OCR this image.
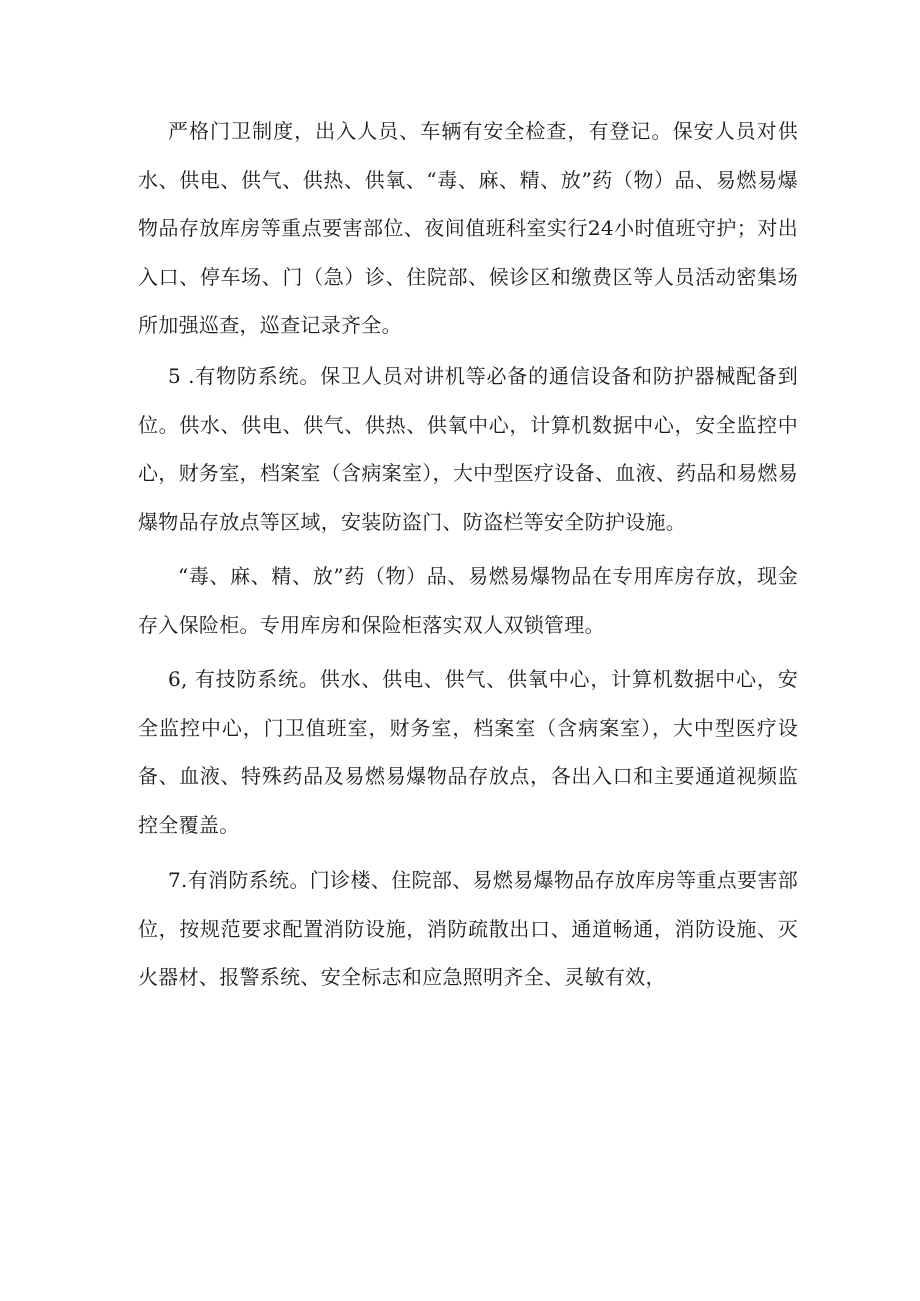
严格门卫制度，出入人员、车辆有安全检查，有登记。保安人员对供水、供电、供气、供热、供氧、“毒、麻、精、放”药（物）品、易燃易爆物品存放库房等重点要害部位、夜间值班科室实行24小时值班守护；对出入口、停车场、门（急）诊、住院部、候诊区和缴费区等人员活动密集场所加强巡查，巡查记录齐全。

5 .有物防系统。保卫人员对讲机等必备的通信设备和防护器械配备到位。供水、供电、供气、供热、供氧中心，计算机数据中心，安全监控中心，财务室，档案室（含病案室），大中型医疗设备、血液、药品和易燃易爆物品存放点等区域，安装防盗门、防盗栏等安全防护设施。

“毒、麻、精、放”药（物）品、易燃易爆物品在专用库房存放，现金存入保险柜。专用库房和保险柜落实双人双锁管理。

6, 有技防系统。供水、供电、供气、供氧中心，计算机数据中心，安全监控中心，门卫值班室，财务室，档案室（含病案室），大中型医疗设备、血液、特殊药品及易燃易爆物品存放点，各出入口和主要通道视频监控全覆盖。

7.有消防系统。门诊楼、住院部、易燃易爆物品存放库房等重点要害部位，按规范要求配置消防设施，消防疏散出口、通道畅通，消防设施、灭火器材、报警系统、安全标志和应急照明齐全、灵敏有效，
